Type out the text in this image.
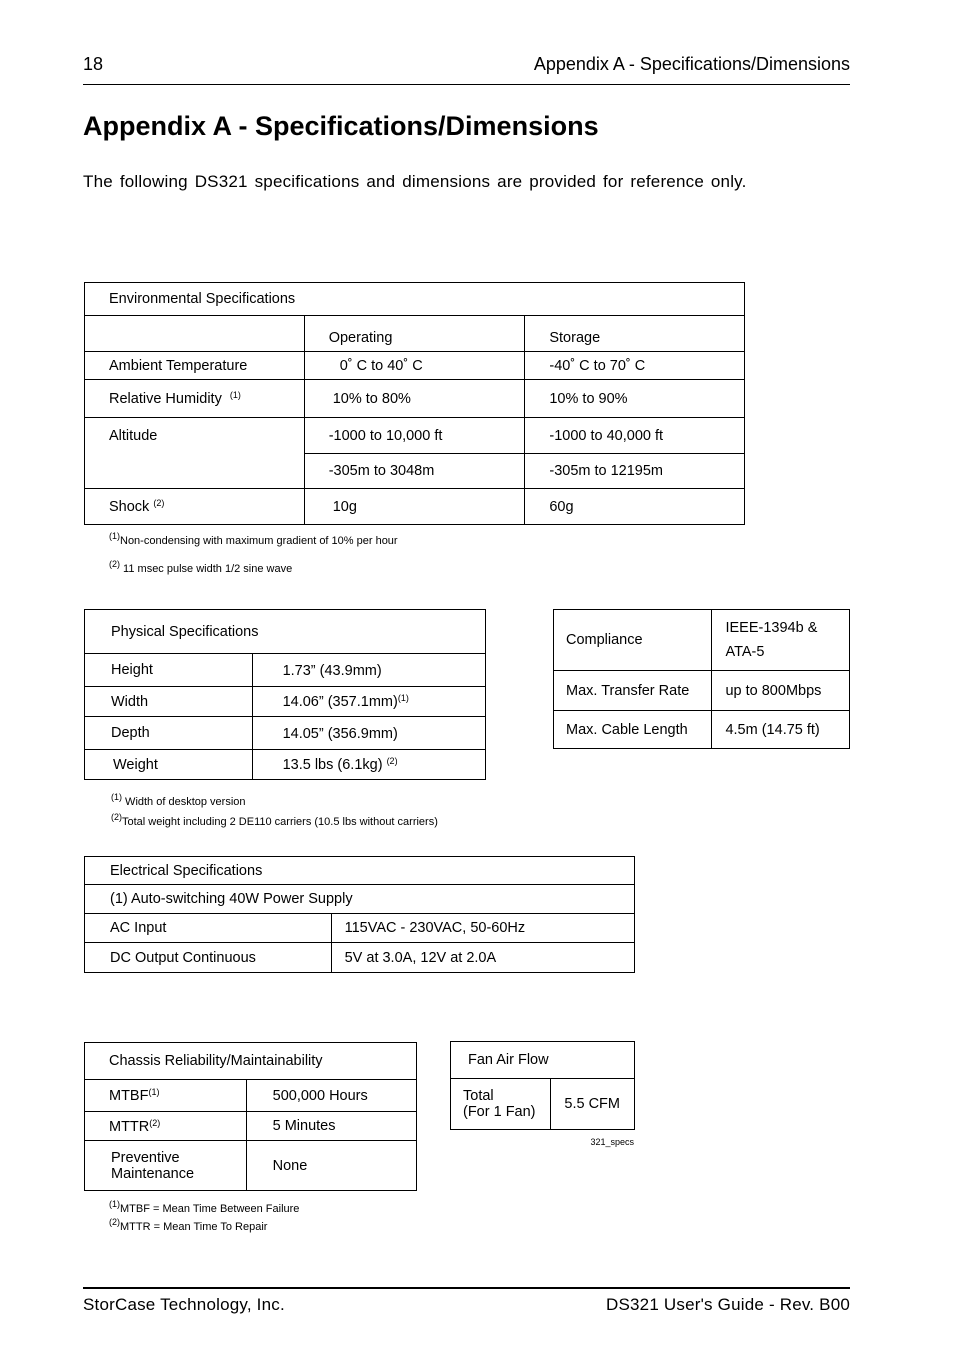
18	Appendix A - Specifications/Dimensions
Appendix A - Specifications/Dimensions
The following DS321 specifications and dimensions are provided for reference only.
Environmental Specifications		
	Operating	Storage
Ambient Temperature	0˚ C to 40˚ C	-40˚ C to 70˚ C
Relative Humidity $^{(1)}$	10% to 80%	10% to 90%
Altitude	-1000 to 10,000 ft	-1000 to 40,000 ft
	-305m to 3048m	-305m to 12195m
Shock $^{(2)}$	10g	60g
$^{(1)}$Non-condensing with maximum gradient of 10% per hour
$^{(2)}$ 11 msec pulse width 1/2 sine wave
Physical Specifications	
Height	1.73” (43.9mm)
Width	14.06” $(357.1mm)^{(1)}$
Depth	14.05” (356.9mm)
Weight	13.5 lbs (6.1kg) $^{(2)}$
$^{(1)}$ Width of desktop version
$^{(2)}$Total weight including 2 DE110 carriers (10.5 lbs without carriers)
Compliance	IEEE-1394b &
ATA-5

Max. Transfer Rate	up to 800Mbps
Max. Cable Length	4.5m (14.75 ft)
Electrical Specifications	
(1) Auto-switching 40W Power Supply	
AC Input	115VAC - 230VAC, 50-60Hz
DC Output Continuous	5V at 3.0A, 12V at 2.0A
Chassis Reliability/Maintainability	
MTBF$^{(1)}$	500,000 Hours
MTTR$^{(2)}$	5 Minutes

Preventive
Maintenance	None
$^{(1)}$MTBF = Mean Time Between Failure
$^{(2)}$MTTR = Mean Time To Repair
Fan Air Flow

Total
(For 1 Fan)	5.5 CFM
321_specs
StorCase Technology, Inc.	DS321 User's Guide - Rev. B00
